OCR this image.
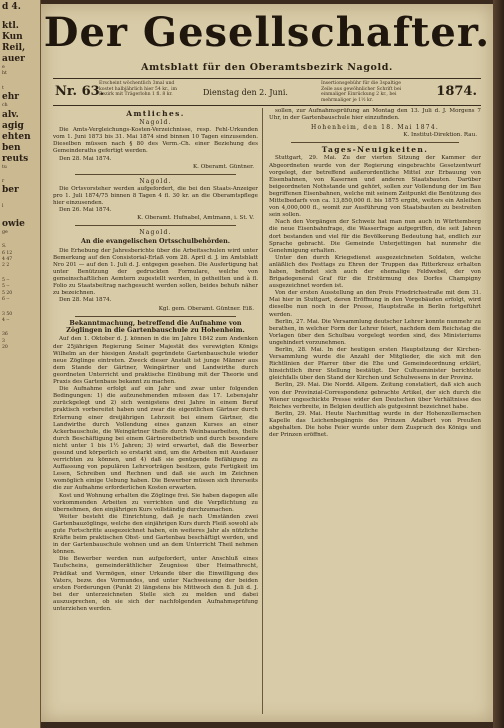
d 4.
ktl.
Kun
Reil,
auer
e
ht
t
ehr
ch
alv.
agig
ehten
ben
reuts
tu
r
ber
l
owie
ge
S.
6 12
4 47
2 2
5 --
5 --
5 20
6 --
3 50
4 --
36
3
20
Der Gesellschafter.
Amtsblatt für den Oberamtsbezirk Nagold.
Nr. 63.
Erscheint wöchentlich 3mal und kostet halbjährlich hier 54 kr., im Bezirk mit Trägerlohn 1 fl. 8 kr.	Dienstag den 2. Juni.
Insertionsgebühr für die 3spaltige Zeile aus gewöhnlicher Schrift bei einmaliger Einrückung 2 kr., bei mehrmaliger je 1½ kr.
1874.
Amtliches.
Nagold.

Die Amts-Vergleichungs-Kosten-Verzeichnisse, resp. Fehl-Urkunden vom 1. Juni 1873 bis 31. Mai 1874 sind binnen 10 Tagen einzusenden. Dieselben müssen nach § 80 des Verm.-Ch. einer Beziehung des Gemeinderaths gefertigt werden.

Den 28. Mai 1874.
K. Oberamt. Güntner.
Nagold.

Die Ortsvorsteher werden aufgefordert, die bei den Staats-Anzeiger pro 1. Juli 1874/75 binnen 8 Tagen 4 fl. 30 kr. an die Oberamtspflege hier einzusenden.

Den 26. Mai 1874.
K. Oberamt. Hufnabel, Amtmann, i. St. V.
Nagold.
An die evangelischen Ortsschulbehörden.

Die Erhebung der Jahresberichte über die Arbeitsschulen wird unter Bemerkung auf den Consistorial-Erlaß vom 28. April d. J. im Amtsblatt Nro 201 — auf den 1. Juli d. J. entgegen gesehen. Die Ausfertigung hat unter Benützung der gedruckten Formulare, welche von gemeinschaftlichen Aemtern zugestellt werden, in getheilten und à fl. Folio zu Staatsbeitrag nachgesucht werden sollen, beides behufs näher zu bezeichnen.

Den 28. Mai 1874.
Kgl. gem. Oberamt. Güntner. Eiß.
Bekanntmachung, betreffend die Aufnahme von Zöglingen in die Gartenbauschule zu Hohenheim.

Auf den 1. Oktober d. J. können in die im Jahre 1842 zum Andenken der 25jährigen Regierung Seiner Majestät des verewigten Königs Wilhelm an der hiesigen Anstalt gegründete Gartenbauschule wieder neue Zöglinge eintreten. Zweck dieser Anstalt ist junge Männer aus dem Stande der Gärtner, Weingärtner und Landwirthe durch geordneten Unterricht und praktische Einübung mit der Theorie und Praxis des Gartenbaus bekannt zu machen.

Die Aufnahme erfolgt auf ein Jahr und zwar unter folgenden Bedingungen: 1) die aufzunehmenden müssen das 17. Lebensjahr zurückgelegt und 2) sich wenigstens drei Jahre in einem Beruf praktisch vorbereitet haben und zwar die eigentlichen Gärtner durch Erlernung einer dreijährigen Lehrzeit bei einem Gärtner, die Landwirthe durch Vollendung eines ganzen Kurses an einer Ackerbauschule, die Weingärtner theils durch Weinbauarbeiten, theils durch Beschäftigung bei einem Gärtnereibetrieb und durch besondere nicht unter 1 bis 1½ Jahren; 3) wird erwartet, daß die Bewerber gesund und körperlich so erstarkt sind, um die Arbeiten mit Ausdauer verrichten zu können, und 4) daß sie genügende Befähigung zu Auffassung von populären Lehrvorträgen besitzen, gute Fertigkeit im Lesen, Schreiben und Rechnen und daß sie auch im Zeichnen womöglich einige Uebung haben. Die Bewerber müssen sich ihrerseits die zur Aufnahme erforderlichen Kosten erwarten.

Kost und Wohnung erhalten die Zöglinge frei. Sie haben dagegen alle vorkommenden Arbeiten zu verrichten und die Verpflichtung zu übernehmen, den einjährigen Kurs vollständig durchzumachen.

Weiter besteht die Einrichtung, daß je nach Umständen zwei Gartenbauzöglinge, welche den einjährigen Kurs durch Fleiß sowohl als gute Fortschritte ausgezeichnet haben, ein weiteres Jahr als nützliche Kräfte beim praktischen Obst- und Gartenbau beschäftigt werden, und in der Gartenbauschule wohnen und an dem Unterricht Theil nehmen können.

Die Bewerber werden nun aufgefordert, unter Anschluß eines Taufscheins, gemeinderäthlicher Zeugnisse über Heimathrecht, Prädikat und Vermögen, einer Urkunde über die Einwilligung des Vaters, bezw. des Vormundes, und unter Nachweisung der beiden ersten Forderungen (Punkt 2) längstens bis Mittwoch den 8. Juli d. J. bei der unterzeichneten Stelle sich zu melden und dabei auszusprechen, ob sie sich der nachfolgenden Aufnahmsprüfung unterziehen werden.

sollen, zur Aufnahmsprüfung an Montag den 13. Juli d. J. Morgens 7 Uhr, in der Gartenbauschule hier einzufinden.

Hohenheim, den 18. Mai 1874.
K. Institut-Direktion. Rau.
Tages-Neuigkeiten.

Stuttgart, 29. Mai. Zu der vierten Sitzung der Kammer der Abgeordneten wurde von der Regierung eingebrachte Gesetzentwurf vorgelegt, der betreffend außerordentliche Mittel zur Erbauung von Eisenbahnen, von Kasernen und anderen Staatsbauten. Darüber beigeordneten Nothstande und gehört, sollen zur Vollendung der im Bau begriffenen Eisenbahnen, welche mit seinem Zeitpunkt die Benützung des Mittelbedarfs von ca. 13,850,000 fl. bis 1875 ergibt, weiters ein Anleihen von 4,000,000 fl., womit zur Ausführung von Staatsbauten zu bestreiten sein sollen.

Nach den Vorgängen der Schweiz hat man nun auch in Württemberg die neue Eisenbahnfrage, die Wasserfrage aufgegriffen, die seit Jahren dort bestanden und viel für die Bevölkerung Bedeutung hat, endlich zur Sprache gebracht. Die Gemeinde Unterjettingen hat nunmehr die Genehmigung erhalten.

Unter den durch Kriegsdienst ausgezeichneten Soldaten, welche anläßlich des Festtags zu Ehren der Truppen das Ritterkreuz erhalten haben, befindet sich auch der ehemalige Feldwebel, der von Brigadegeneral Graf für die Erstürmung des Dorfes Champigny ausgezeichnet worden ist.

Von der ersten Ausstellung an den Preis Friedrichsstraße mit dem 31. Mai hier in Stuttgart, deren Eröffnung in den Vorgebäuden erfolgt, wird dieselbe nun noch in der Presse, Hauptstraße in Berlin fortgeführt werden.

Berlin, 27. Mai. Die Versammlung deutscher Lehrer konnte nunmehr zu berathen, in welcher Form der Lehrer feiert, nachdem dem Reichstag die Vorlagen über den Schulbau vorgelegt worden sind, des Ministeriums ungehindert vorzunehmen.

Berlin, 28. Mai. In der heutigen ersten Hauptsitzung der Kirchen-Versammlung wurde die Anzahl der Mitglieder, die sich mit den Richtlinien der Pfarrer über die Ehe und Gemeindeordnung erklärt, hinsichtlich ihrer Stellung bestätigt. Der Cultusminister berichtete gleichfalls über den Stand der Kirchen und Schulwesens in der Provinz.

Berlin, 29. Mai. Die Nordd. Allgem. Zeitung constatiert, daß sich auch von der Provinzial-Correspondenz gebrachte Artikel, der sich durch die Wiener ungeschickte Presse wider den Deutschen über Verhältnisse des Reiches verbreite, in Belgien deutlich als gutgesinnt bezeichnet habe.

Berlin, 29. Mai. Heute Nachmittag wurde in der Hohenzollernschen Kapelle das Leichenbegängnis des Prinzen Adalbert von Preußen abgehalten. Die hohe Feier wurde unter dem Zuspruch des Königs und der Prinzen eröffnet.
